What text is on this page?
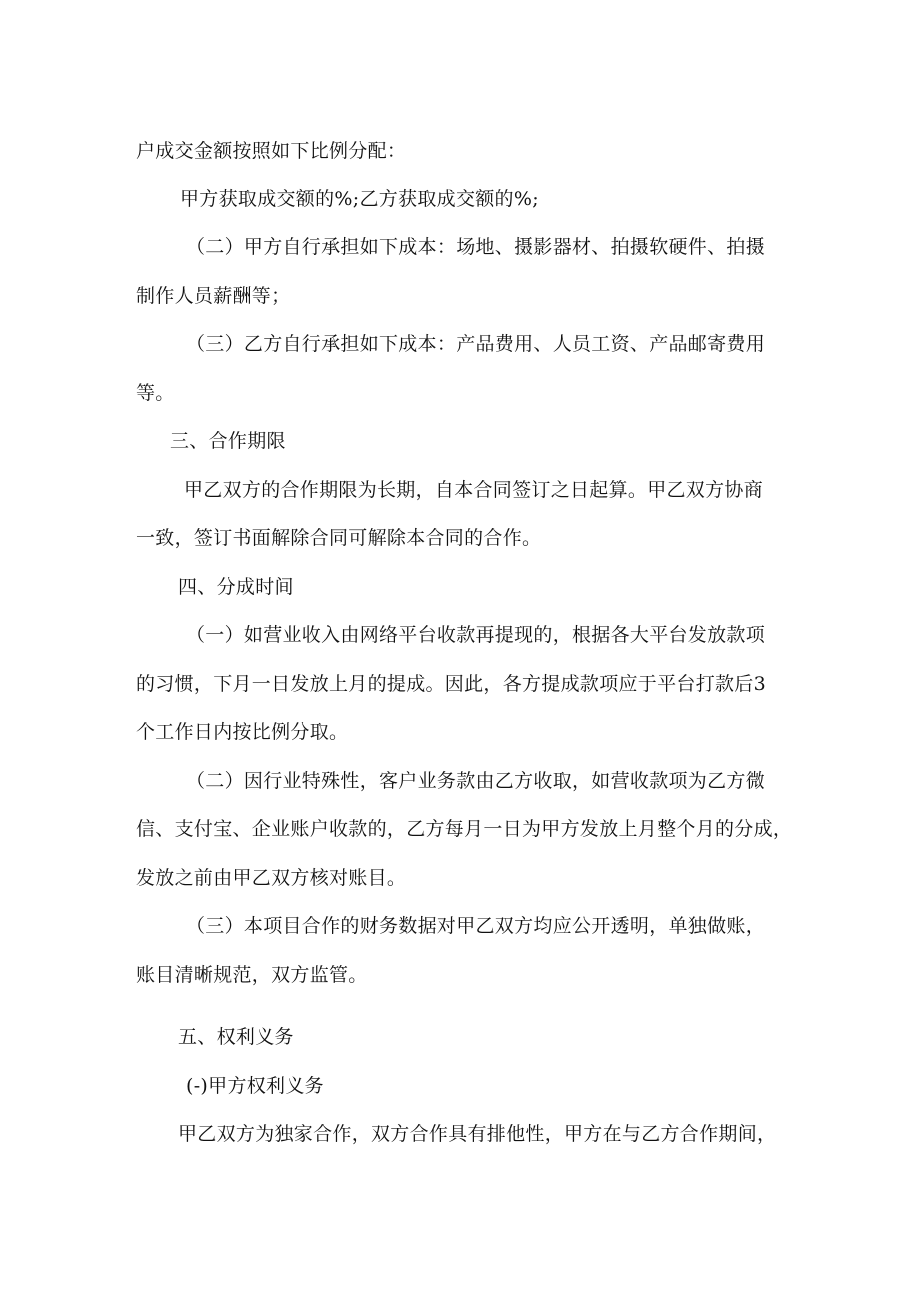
户成交金额按照如下比例分配：
甲方获取成交额的%;乙方获取成交额的%;
（二）甲方自行承担如下成本：场地、摄影器材、拍摄软硬件、拍摄
制作人员薪酬等；
（三）乙方自行承担如下成本：产品费用、人员工资、产品邮寄费用
等。
三、合作期限
甲乙双方的合作期限为长期，自本合同签订之日起算。甲乙双方协商
一致，签订书面解除合同可解除本合同的合作。
四、分成时间
（一）如营业收入由网络平台收款再提现的，根据各大平台发放款项
的习惯，下月一日发放上月的提成。因此，各方提成款项应于平台打款后3
个工作日内按比例分取。
（二）因行业特殊性，客户业务款由乙方收取，如营收款项为乙方微
信、支付宝、企业账户收款的，乙方每月一日为甲方发放上月整个月的分成，
发放之前由甲乙双方核对账目。
（三）本项目合作的财务数据对甲乙双方均应公开透明，单独做账，
账目清晰规范，双方监管。
五、权利义务
(-)甲方权利义务
甲乙双方为独家合作，双方合作具有排他性，甲方在与乙方合作期间，
